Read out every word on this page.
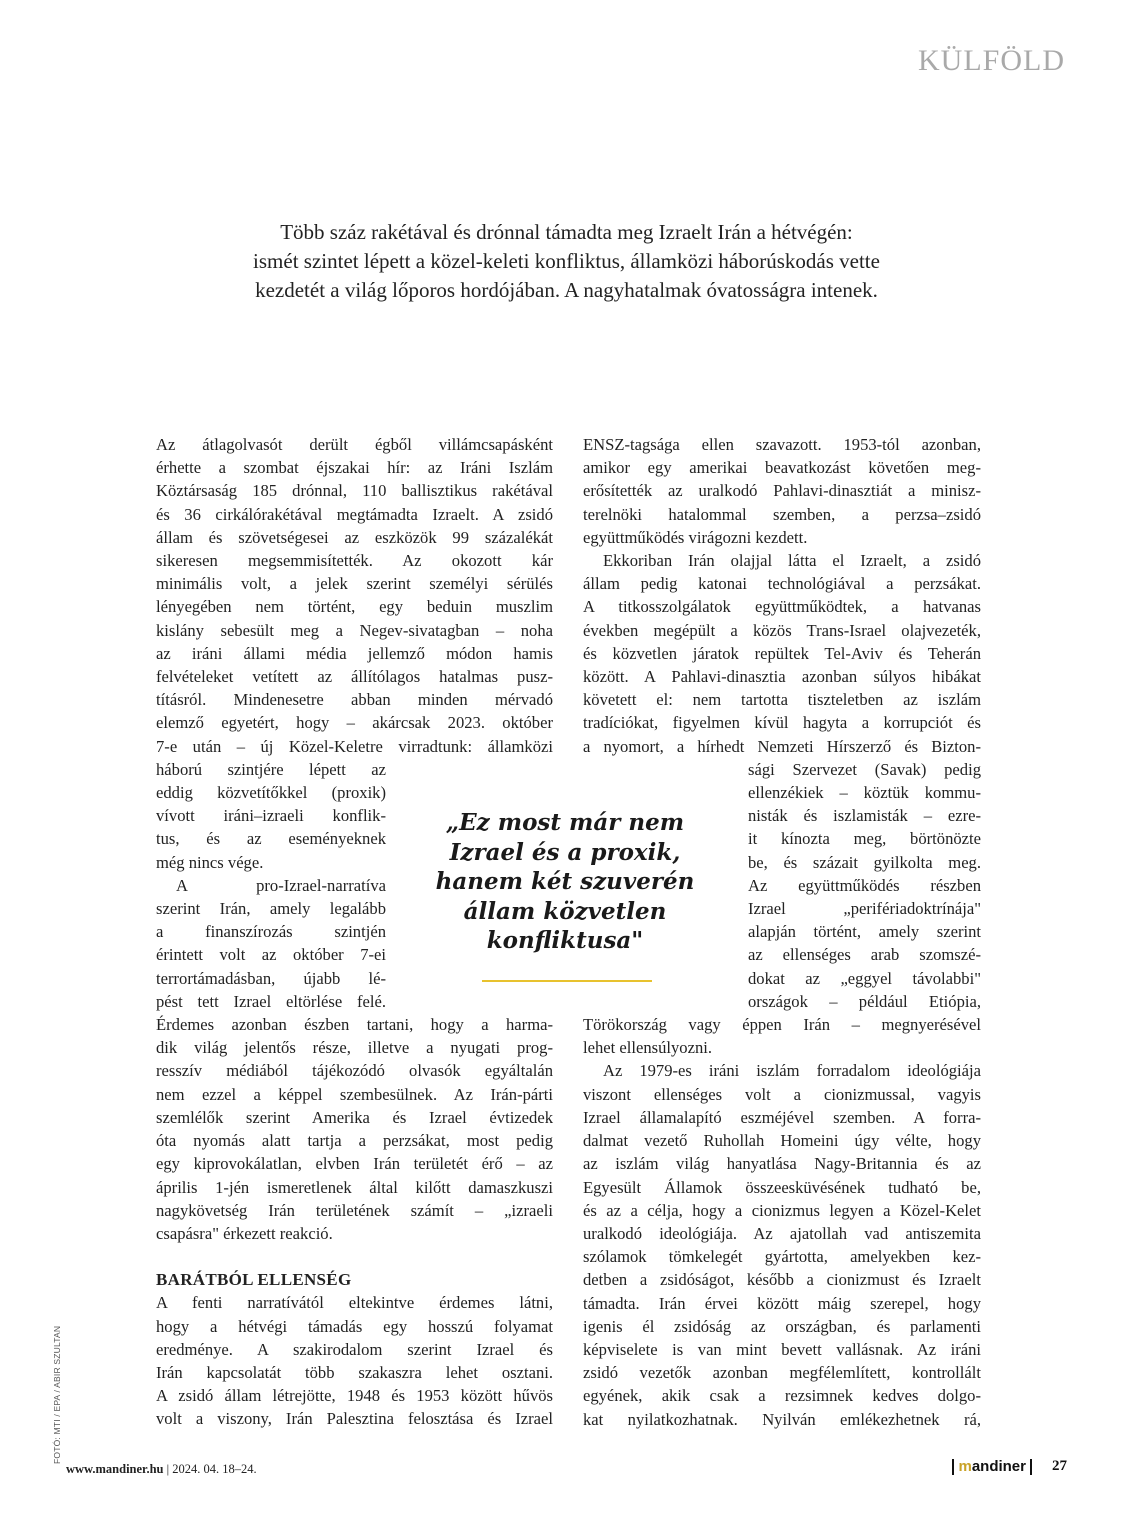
KÜLFÖLD

Több száz rakétával és drónnal támadta meg Izraelt Irán a hétvégén:

ismét szintet lépett a közel-keleti konfliktus, államközi háborúskodás vette

kezdetét a világ lőporos hordójában. A nagyhatalmak óvatosságra intenek.

Az átlagolvasót derült égből villámcsapásként
érhette a szombat éjszakai hír: az Iráni Iszlám
Köztársaság 185 drónnal, 110 ballisztikus rakétával
és 36 cirkálórakétával megtámadta Izraelt. A zsidó
állam és szövetségesei az eszközök 99 százalékát
sikeresen megsemmisítették. Az okozott kár
minimális volt, a jelek szerint személyi sérülés
lényegében nem történt, egy beduin muszlim
kislány sebesült meg a Negev-sivatagban – noha
az iráni állami média jellemző módon hamis
felvételeket vetített az állítólagos hatalmas pusz-
tításról. Mindenesetre abban minden mérvadó
elemző egyetért, hogy – akárcsak 2023. október
7-e után – új Közel-Keletre virradtunk: államközi
háború szintjére lépett az
eddig közvetítőkkel (proxik)
vívott iráni–izraeli konflik-
tus, és az eseményeknek
még nincs vége.
A pro-Izrael-narratíva
szerint Irán, amely legalább
a finanszírozás szintjén
érintett volt az október 7-ei
terrortámadásban, újabb lé-
pést tett Izrael eltörlése felé.
Érdemes azonban észben tartani, hogy a harma-
dik világ jelentős része, illetve a nyugati prog-
resszív médiából tájékozódó olvasók egyáltalán
nem ezzel a képpel szembesülnek. Az Irán-párti
szemlélők szerint Amerika és Izrael évtizedek
óta nyomás alatt tartja a perzsákat, most pedig
egy kiprovokálatlan, elvben Irán területét érő – az
április 1-jén ismeretlenek által kilőtt damaszkuszi
nagykövetség Irán területének számít – „izraeli
csapásra" érkezett reakció.
BARÁTBÓL ELLENSÉG
A fenti narratívától eltekintve érdemes látni,
hogy a hétvégi támadás egy hosszú folyamat
eredménye. A szakirodalom szerint Izrael és
Irán kapcsolatát több szakaszra lehet osztani.
A zsidó állam létrejötte, 1948 és 1953 között hűvös
volt a viszony, Irán Palesztina felosztása és Izrael
ENSZ-tagsága ellen szavazott. 1953-tól azonban,
amikor egy amerikai beavatkozást követően meg-
erősítették az uralkodó Pahlavi-dinasztiát a minisz-
terelnöki hatalommal szemben, a perzsa–zsidó
együttműködés virágozni kezdett.
Ekkoriban Irán olajjal látta el Izraelt, a zsidó
állam pedig katonai technológiával a perzsákat.
A titkosszolgálatok együttműködtek, a hatvanas
években megépült a közös Trans-Israel olajvezeték,
és közvetlen járatok repültek Tel-Aviv és Teherán
között. A Pahlavi-dinasztia azonban súlyos hibákat
követett el: nem tartotta tiszteletben az iszlám
tradíciókat, figyelmen kívül hagyta a korrupciót és
a nyomort, a hírhedt Nemzeti Hírszerző és Bizton-
sági Szervezet (Savak) pedig
ellenzékiek – köztük kommu-
nisták és iszlamisták – ezre-
it kínozta meg, börtönözte
be, és százait gyilkolta meg.
Az együttműködés részben
Izrael „perifériadoktrínája"
alapján történt, amely szerint
az ellenséges arab szomszé-
dokat az „eggyel távolabbi"
országok – például Etiópia,
Törökország vagy éppen Irán – megnyerésével
lehet ellensúlyozni.
Az 1979-es iráni iszlám forradalom ideológiája
viszont ellenséges volt a cionizmussal, vagyis
Izrael államalapító eszméjével szemben. A forra-
dalmat vezető Ruhollah Homeini úgy vélte, hogy
az iszlám világ hanyatlása Nagy-Britannia és az
Egyesült Államok összeesküvésének tudható be,
és az a célja, hogy a cionizmus legyen a Közel-Kelet
uralkodó ideológiája. Az ajatollah vad antiszemita
szólamok tömkelegét gyártotta, amelyekben kez-
detben a zsidóságot, később a cionizmust és Izraelt
támadta. Irán érvei között máig szerepel, hogy
igenis él zsidóság az országban, és parlamenti
képviselete is van mint bevett vallásnak. Az iráni
zsidó vezetők azonban megfélemlített, kontrollált
egyének, akik csak a rezsimnek kedves dolgo-
kat nyilatkozhatnak. Nyilván emlékezhetnek rá,
„Ez most már nem
Izrael és a proxik,
hanem két szuverén
állam közvetlen
konfliktusa"
FOTÓ: MTI / EPA / ABIR SZULTAN
www.mandiner.hu | 2024. 04. 18–24.	mandiner	27
